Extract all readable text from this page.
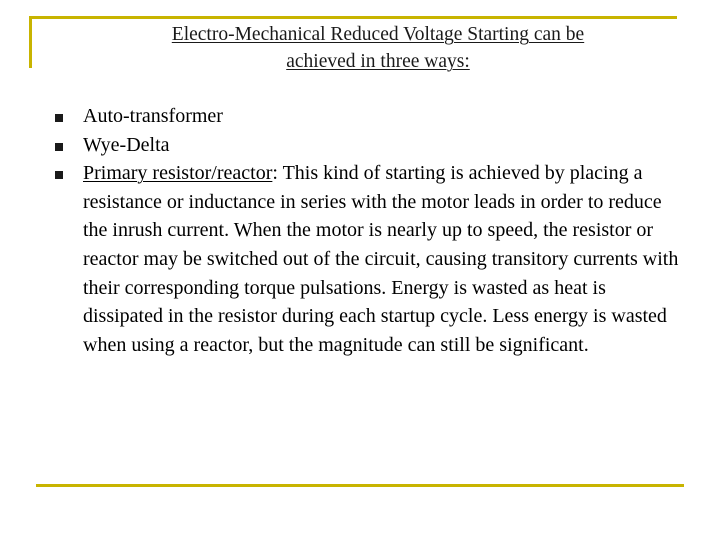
Electro-Mechanical Reduced Voltage Starting can be
achieved in three ways:
Auto-transformer
Wye-Delta
Primary resistor/reactor: This kind of starting is achieved by placing a resistance or inductance in series with the motor leads in order to reduce the inrush current. When the motor is nearly up to speed, the resistor or reactor may be switched out of the circuit, causing transitory currents with their corresponding torque pulsations. Energy is wasted as heat is dissipated in the resistor during each startup cycle. Less energy is wasted when using a reactor, but the magnitude can still be significant.
